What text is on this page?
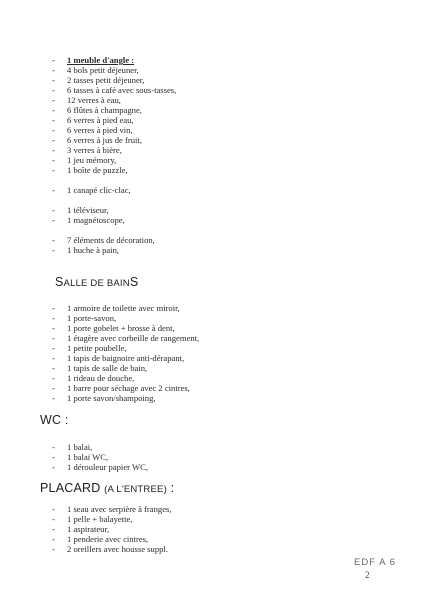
- 1 meuble d'angle :
- 4 bols petit déjeuner,
- 2 tasses petit déjeuner,
- 6 tasses à café avec sous-tasses,
- 12 verres à eau,
- 6 flûtes à champagne,
- 6 verres à pied eau,
- 6 verres à pied vin,
- 6 verres à jus de fruit,
- 3 verres à bière,
- 1 jeu mémory,
- 1 boîte de puzzle,
- 1 canapé clic-clac,
- 1 téléviseur,
- 1 magnétoscope,
- 7 éléments de décoration,
- 1 huche à pain,
SALLE DE BAINS
- 1 armoire de toilette avec miroir,
- 1 porte-savon,
- 1 porte gobelet + brosse à dent,
- 1 étagère avec corbeille de rangement,
- 1 petite poubelle,
- 1 tapis de baignoire anti-dérapant,
- 1 tapis de salle de bain,
- 1 rideau de douche,
- 1 barre pour séchage avec 2 cintres,
- 1 porte savon/shampoing,
WC :
- 1 balai,
- 1 balai WC,
- 1 dérouleur papier WC,
PLACARD (A L'ENTREE) :
- 1 seau avec serpière à franges,
- 1 pelle + balayette,
- 1 aspirateur,
- 1 penderie avec cintres,
- 2 oreillers avec housse suppl.
EDF A 6
2
